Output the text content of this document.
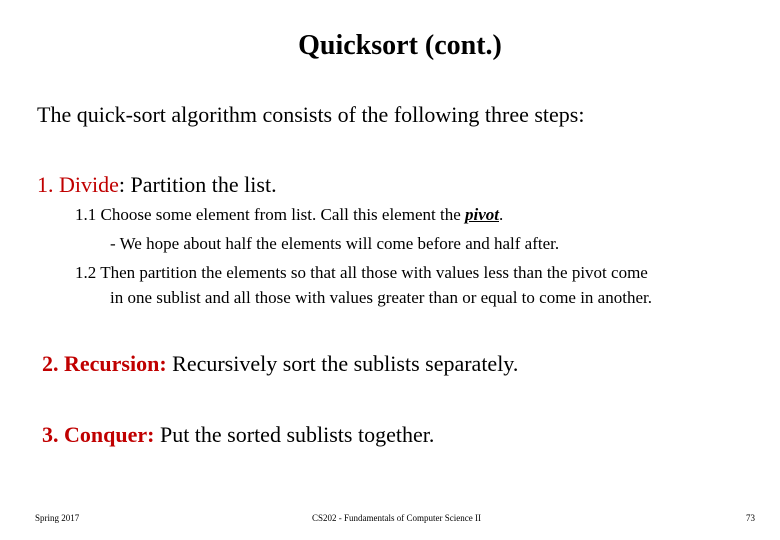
Quicksort (cont.)
The quick-sort algorithm consists of the following three steps:
1. Divide: Partition the list.
1.1 Choose some element from list. Call this element the pivot.
- We hope about half the elements will come before and half after.
1.2 Then partition the elements so that all those with values less than the pivot come
in one sublist and all those with values greater than or equal to come in another.
2. Recursion: Recursively sort the sublists separately.
3. Conquer: Put the sorted sublists together.
Spring 2017	CS202 - Fundamentals of Computer Science II	73
